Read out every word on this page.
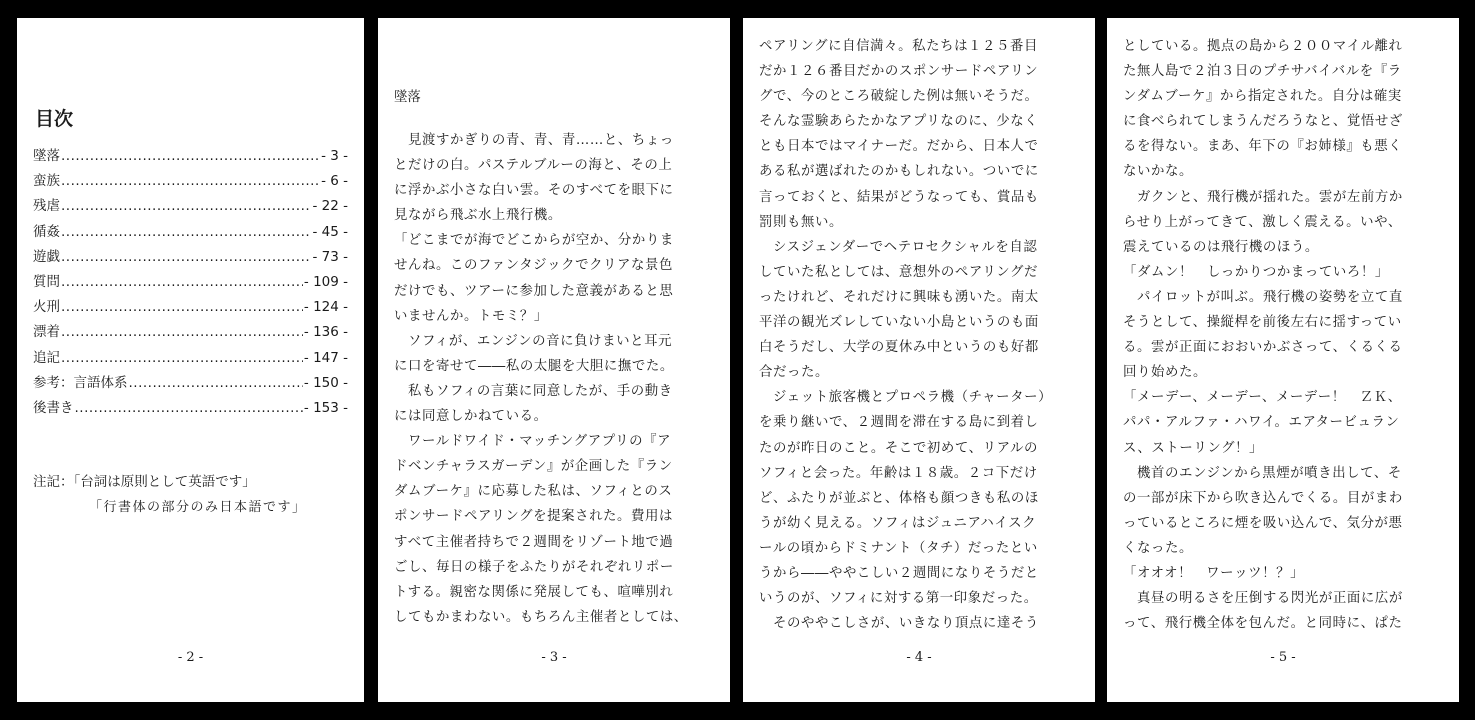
目次
墜落 .....	- 3 -
蛮族 .....	- 6 -
残虐 .....	- 22 -
循姦 .....	- 45 -
遊戯 .....	- 73 -
質問 .....	- 109 -
火刑 .....	- 124 -
漂着 .....	- 136 -
追記 .....	- 147 -
参考：言語体系 .....	- 150 -
後書き .....	- 153 -
注記：「台詞は原則として英語です」
「行書体の部分のみ日本語です」
- 2 -
墜落

　見渡すかぎりの青、青、青……と、ちょっ

とだけの白。パステルブルーの海と、その上

に浮かぶ小さな白い雲。そのすべてを眼下に

見ながら飛ぶ水上飛行機。

「どこまでが海でどこからが空か、分かりま

せんね。このファンタジックでクリアな景色

だけでも、ツアーに参加した意義があると思

いませんか。トモミ？」

　ソフィが、エンジンの音に負けまいと耳元

に口を寄せて――私の太腿を大胆に撫でた。

　私もソフィの言葉に同意したが、手の動き

には同意しかねている。

　ワールドワイド・マッチングアプリの『ア

ドベンチャラスガーデン』が企画した『ラン

ダムブーケ』に応募した私は、ソフィとのス

ポンサードペアリングを提案された。費用は

すべて主催者持ちで２週間をリゾート地で過

ごし、毎日の様子をふたりがそれぞれリポー

トする。親密な関係に発展しても、喧嘩別れ

してもかまわない。もちろん主催者としては、

- 3 -

ペアリングに自信満々。私たちは１２５番目

だか１２６番目だかのスポンサードペアリン

グで、今のところ破綻した例は無いそうだ。

そんな霊験あらたかなアプリなのに、少なく

とも日本ではマイナーだ。だから、日本人で

ある私が選ばれたのかもしれない。ついでに

言っておくと、結果がどうなっても、賞品も

罰則も無い。

　シスジェンダーでヘテロセクシャルを自認

していた私としては、意想外のペアリングだ

ったけれど、それだけに興味も湧いた。南太

平洋の観光ズレしていない小島というのも面

白そうだし、大学の夏休み中というのも好都

合だった。

　ジェット旅客機とプロペラ機（チャーター）

を乗り継いで、２週間を滞在する島に到着し

たのが昨日のこと。そこで初めて、リアルの

ソフィと会った。年齢は１８歳。２コ下だけ

ど、ふたりが並ぶと、体格も顔つきも私のほ

うが幼く見える。ソフィはジュニアハイスク

ールの頃からドミナント（タチ）だったとい

うから――ややこしい２週間になりそうだと

いうのが、ソフィに対する第一印象だった。

　そのややこしさが、いきなり頂点に達そう

- 4 -

としている。拠点の島から２００マイル離れ

た無人島で２泊３日のプチサバイバルを『ラ

ンダムブーケ』から指定された。自分は確実

に食べられてしまうんだろうなと、覚悟せざ

るを得ない。まあ、年下の『お姉様』も悪く

ないかな。

　ガクンと、飛行機が揺れた。雲が左前方か

らせり上がってきて、激しく震える。いや、

震えているのは飛行機のほう。

「ダムン！　しっかりつかまっていろ！」

　パイロットが叫ぶ。飛行機の姿勢を立て直

そうとして、操縦桿を前後左右に揺すってい

る。雲が正面におおいかぶさって、くるくる

回り始めた。

「メーデー、メーデー、メーデー！　ＺＫ、

パパ・アルファ・ハワイ。エアタービュラン

ス、ストーリング！」

　機首のエンジンから黒煙が噴き出して、そ

の一部が床下から吹き込んでくる。目がまわ

っているところに煙を吸い込んで、気分が悪

くなった。

「オオオ！　ワーッツ！？」

　真昼の明るさを圧倒する閃光が正面に広が

って、飛行機全体を包んだ。と同時に、ぱた

- 5 -
